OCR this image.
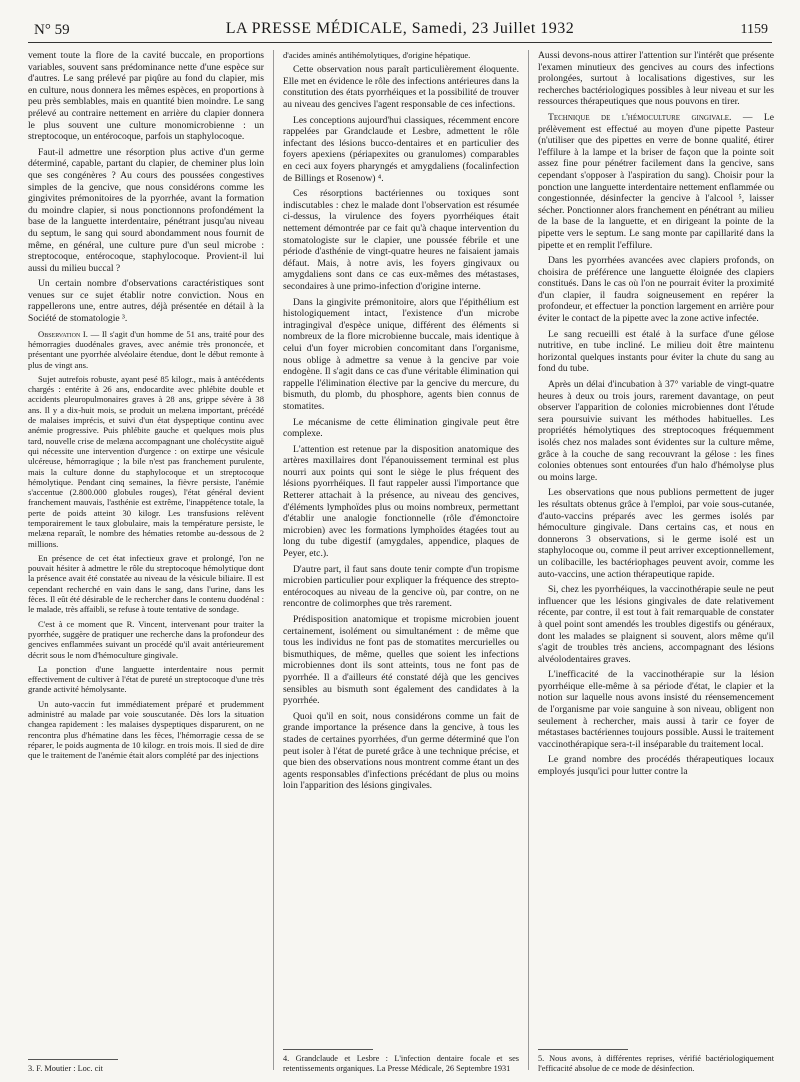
N° 59	LA PRESSE MÉDICALE, Samedi, 23 Juillet 1932	1159

vement toute la flore de la cavité buccale, en proportions variables, souvent sans prédominance nette d'une espèce sur d'autres. Le sang prélevé par piqûre au fond du clapier, mis en culture, nous donnera les mêmes espèces, en proportions à peu près semblables, mais en quantité bien moindre. Le sang prélevé au contraire nettement en arrière du clapier donnera le plus souvent une culture monomicrobienne : un streptocoque, un entérocoque, parfois un staphylocoque.

Faut-il admettre une résorption plus active d'un germe déterminé, capable, partant du clapier, de cheminer plus loin que ses congénères ? Au cours des poussées congestives simples de la gencive, que nous considérons comme les gingivites prémonitoires de la pyorrhée, avant la formation du moindre clapier, si nous ponctionnons profondément la base de la languette interdentaire, pénétrant jusqu'au niveau du septum, le sang qui sourd abondamment nous fournit de même, en général, une culture pure d'un seul microbe : streptocoque, entérocoque, staphylocoque. Provient-il lui aussi du milieu buccal ?

Un certain nombre d'observations caractéristiques sont venues sur ce sujet établir notre conviction. Nous en rappellerons une, entre autres, déjà présentée en détail à la Société de stomatologie ³.

Observation I. — Il s'agit d'un homme de 51 ans, traité pour des hémorragies duodénales graves, avec anémie très prononcée, et présentant une pyorrhée alvéolaire étendue, dont le début remonte à plus de vingt ans.

Sujet autrefois robuste, ayant pesé 85 kilogr., mais à antécédents chargés : entérite à 26 ans, endocardite avec phlébite double et accidents pleuropulmonaires graves à 28 ans, grippe sévère à 38 ans. Il y a dix-huit mois, se produit un melæna important, précédé de malaises imprécis, et suivi d'un état dyspeptique continu avec anémie progressive. Puis phlébite gauche et quelques mois plus tard, nouvelle crise de melæna accompagnant une cholécystite aiguë qui nécessite une intervention d'urgence : on extirpe une vésicule ulcéreuse, hémorragique ; la bile n'est pas franchement purulente, mais la culture donne du staphylocoque et un streptocoque hémolytique. Pendant cinq semaines, la fièvre persiste, l'anémie s'accentue (2.800.000 globules rouges), l'état général devient franchement mauvais, l'asthénie est extrême, l'inappétence totale, la perte de poids atteint 30 kilogr. Les transfusions relèvent temporairement le taux globulaire, mais la température persiste, le melæna reparaît, le nombre des hématies retombe au-dessous de 2 millions.

En présence de cet état infectieux grave et prolongé, l'on ne pouvait hésiter à admettre le rôle du streptocoque hémolytique dont la présence avait été constatée au niveau de la vésicule biliaire. Il est cependant recherché en vain dans le sang, dans l'urine, dans les fèces. Il eût été désirable de le rechercher dans le contenu duodénal : le malade, très affaibli, se refuse à toute tentative de sondage.

C'est à ce moment que R. Vincent, intervenant pour traiter la pyorrhée, suggère de pratiquer une recherche dans la profondeur des gencives enflammées suivant un procédé qu'il avait antérieurement décrit sous le nom d'hémoculture gingivale.

La ponction d'une languette interdentaire nous permit effectivement de cultiver à l'état de pureté un streptocoque d'une très grande activité hémolysante.

Un auto-vaccin fut immédiatement préparé et prudemment administré au malade par voie souscutanée. Dès lors la situation changea rapidement : les malaises dyspeptiques disparurent, on ne rencontra plus d'hématine dans les fèces, l'hémorragie cessa de se réparer, le poids augmenta de 10 kilogr. en trois mois. Il sied de dire que le traitement de l'anémie était alors complété par des injections

3. F. Moutier : Loc. cit

d'acides aminés antihémolytiques, d'origine hépatique.

Cette observation nous paraît particulièrement éloquente. Elle met en évidence le rôle des infections antérieures dans la constitution des états pyorrhéiques et la possibilité de trouver au niveau des gencives l'agent responsable de ces infections.

Les conceptions aujourd'hui classiques, récemment encore rappelées par Grandclaude et Lesbre, admettent le rôle infectant des lésions bucco-dentaires et en particulier des foyers apexiens (périapexites ou granulomes) comparables en ceci aux foyers pharyngés et amygdaliens (focalinfection de Billings et Rosenow) ⁴.

Ces résorptions bactériennes ou toxiques sont indiscutables : chez le malade dont l'observation est résumée ci-dessus, la virulence des foyers pyorrhéiques était nettement démontrée par ce fait qu'à chaque intervention du stomatologiste sur le clapier, une poussée fébrile et une période d'asthénie de vingt-quatre heures ne faisaient jamais défaut. Mais, à notre avis, les foyers gingivaux ou amygdaliens sont dans ce cas eux-mêmes des métastases, secondaires à une primo-infection d'origine interne.

Dans la gingivite prémonitoire, alors que l'épithélium est histologiquement intact, l'existence d'un microbe intragingival d'espèce unique, différent des éléments si nombreux de la flore microbienne buccale, mais identique à celui d'un foyer microbien concomitant dans l'organisme, nous oblige à admettre sa venue à la gencive par voie endogène. Il s'agit dans ce cas d'une véritable élimination qui rappelle l'élimination élective par la gencive du mercure, du bismuth, du plomb, du phosphore, agents bien connus de stomatites.

Le mécanisme de cette élimination gingivale peut être complexe.

L'attention est retenue par la disposition anatomique des artères maxillaires dont l'épanouissement terminal est plus nourri aux points qui sont le siège le plus fréquent des lésions pyorrhéiques. Il faut rappeler aussi l'importance que Retterer attachait à la présence, au niveau des gencives, d'éléments lymphoïdes plus ou moins nombreux, permettant d'établir une analogie fonctionnelle (rôle d'émonctoire microbien) avec les formations lymphoïdes étagées tout au long du tube digestif (amygdales, appendice, plaques de Peyer, etc.).

D'autre part, il faut sans doute tenir compte d'un tropisme microbien particulier pour expliquer la fréquence des strepto-entérocoques au niveau de la gencive où, par contre, on ne rencontre de colimorphes que très rarement.

Prédisposition anatomique et tropisme microbien jouent certainement, isolément ou simultanément : de même que tous les individus ne font pas de stomatites mercurielles ou bismuthiques, de même, quelles que soient les infections microbiennes dont ils sont atteints, tous ne font pas de pyorrhée. Il a d'ailleurs été constaté déjà que les gencives sensibles au bismuth sont également des candidates à la pyorrhée.

Quoi qu'il en soit, nous considérons comme un fait de grande importance la présence dans la gencive, à tous les stades de certaines pyorrhées, d'un germe déterminé que l'on peut isoler à l'état de pureté grâce à une technique précise, et que bien des observations nous montrent comme étant un des agents responsables d'infections précédant de plus ou moins loin l'apparition des lésions gingivales.

4. Grandclaude et Lesbre : L'infection dentaire focale et ses retentissements organiques. La Presse Médicale, 26 Septembre 1931

Aussi devons-nous attirer l'attention sur l'intérêt que présente l'examen minutieux des gencives au cours des infections prolongées, surtout à localisations digestives, sur les recherches bactériologiques possibles à leur niveau et sur les ressources thérapeutiques que nous pouvons en tirer.

Technique de l'hémoculture gingivale. — Le prélèvement est effectué au moyen d'une pipette Pasteur (n'utiliser que des pipettes en verre de bonne qualité, étirer l'effilure à la lampe et la briser de façon que la pointe soit assez fine pour pénétrer facilement dans la gencive, sans cependant s'opposer à l'aspiration du sang). Choisir pour la ponction une languette interdentaire nettement enflammée ou congestionnée, désinfecter la gencive à l'alcool ⁵, laisser sécher. Ponctionner alors franchement en pénétrant au milieu de la base de la languette, et en dirigeant la pointe de la pipette vers le septum. Le sang monte par capillarité dans la pipette et en remplit l'effilure.

Dans les pyorrhées avancées avec clapiers profonds, on choisira de préférence une languette éloignée des clapiers constitués. Dans le cas où l'on ne pourrait éviter la proximité d'un clapier, il faudra soigneusement en repérer la profondeur, et effectuer la ponction largement en arrière pour éviter le contact de la pipette avec la zone active infectée.

Le sang recueilli est étalé à la surface d'une gélose nutritive, en tube incliné. Le milieu doit être maintenu horizontal quelques instants pour éviter la chute du sang au fond du tube.

Après un délai d'incubation à 37° variable de vingt-quatre heures à deux ou trois jours, rarement davantage, on peut observer l'apparition de colonies microbiennes dont l'étude sera poursuivie suivant les méthodes habituelles. Les propriétés hémolytiques des streptocoques fréquemment isolés chez nos malades sont évidentes sur la culture même, grâce à la couche de sang recouvrant la gélose : les fines colonies obtenues sont entourées d'un halo d'hémolyse plus ou moins large.

Les observations que nous publions permettent de juger les résultats obtenus grâce à l'emploi, par voie sous-cutanée, d'auto-vaccins préparés avec les germes isolés par hémoculture gingivale. Dans certains cas, et nous en donnerons 3 observations, si le germe isolé est un staphylocoque ou, comme il peut arriver exceptionnellement, un colibacille, les bactériophages peuvent avoir, comme les auto-vaccins, une action thérapeutique rapide.

Si, chez les pyorrhéiques, la vaccinothérapie seule ne peut influencer que les lésions gingivales de date relativement récente, par contre, il est tout à fait remarquable de constater à quel point sont amendés les troubles digestifs ou généraux, dont les malades se plaignent si souvent, alors même qu'il s'agit de troubles très anciens, accompagnant des lésions alvéolodentaires graves.

L'inefficacité de la vaccinothérapie sur la lésion pyorrhéique elle-même à sa période d'état, le clapier et la notion sur laquelle nous avons insisté du réensemencement de l'organisme par voie sanguine à son niveau, obligent non seulement à rechercher, mais aussi à tarir ce foyer de métastases bactériennes toujours possible. Aussi le traitement vaccinothérapique sera-t-il inséparable du traitement local.

Le grand nombre des procédés thérapeutiques locaux employés jusqu'ici pour lutter contre la

5. Nous avons, à différentes reprises, vérifié bactériologiquement l'efficacité absolue de ce mode de désinfection.
